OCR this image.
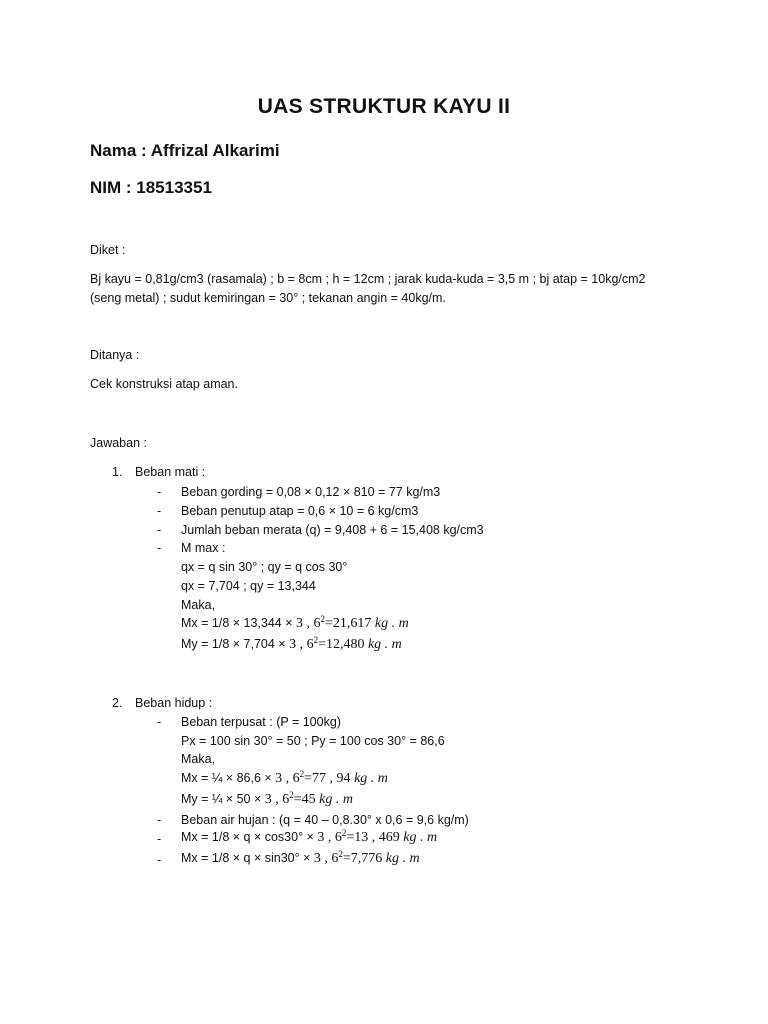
UAS STRUKTUR KAYU II
Nama : Affrizal Alkarimi
NIM : 18513351
Diket :
Bj kayu = 0,81g/cm3 (rasamala) ; b = 8cm ; h = 12cm ; jarak kuda-kuda = 3,5 m ; bj atap = 10kg/cm2
(seng metal) ; sudut kemiringan = 30° ; tekanan angin = 40kg/m.
Ditanya :
Cek konstruksi atap aman.
Jawaban :
1. Beban mati :
- Beban gording = 0,08 × 0,12 × 810 = 77 kg/m3
- Beban penutup atap = 0,6 × 10 = 6 kg/cm3
- Jumlah beban merata (q) = 9,408 + 6 = 15,408 kg/cm3
- M max :
qx = q sin 30° ; qy = q cos 30°
qx = 7,704 ; qy = 13,344
Maka,
Mx = 1/8 × 13,344 × 3 , $6^2=21,617$ kg . m
My = 1/8 × 7,704 × 3 , $6^2=12,480$ kg . m
2. Beban hidup :
- Beban terpusat : (P = 100kg)
Px = 100 sin 30° = 50 ; Py = 100 cos 30° = 86,6
Maka,
Mx = ¼ × 86,6 × 3 , $6^2=77$ , 94 kg . m
My = ¼ × 50 × 3 , $6^2=45$ kg . m
- Beban air hujan : (q = 40 – 0,8.30° x 0,6 = 9,6 kg/m)
- Mx = 1/8 × q × cos30° × 3 , $6^2=13$ , 469 kg . m
- Mx = 1/8 × q × sin30° × 3 , $6^2=7,776$ kg . m
